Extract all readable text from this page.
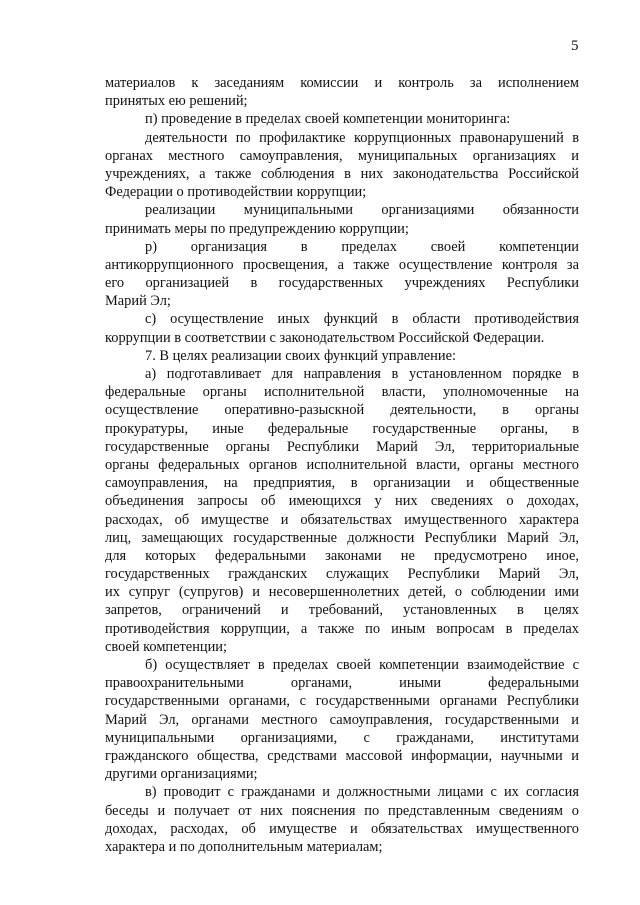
5
материалов к заседаниям комиссии и контроль за исполнением
принятых ею решений;
п) проведение в пределах своей компетенции мониторинга:
деятельности по профилактике коррупционных правонарушений в
органах местного самоуправления, муниципальных организациях и
учреждениях, а также соблюдения в них законодательства Российской
Федерации о противодействии коррупции;
реализации муниципальными организациями обязанности
принимать меры по предупреждению коррупции;
р) организация в пределах своей компетенции
антикоррупционного просвещения, а также осуществление контроля за
его организацией в государственных учреждениях Республики
Марий Эл;
с) осуществление иных функций в области противодействия
коррупции в соответствии с законодательством Российской Федерации.
7. В целях реализации своих функций управление:
а) подготавливает для направления в установленном порядке в
федеральные органы исполнительной власти, уполномоченные на
осуществление оперативно-разыскной деятельности, в органы
прокуратуры, иные федеральные государственные органы, в
государственные органы Республики Марий Эл, территориальные
органы федеральных органов исполнительной власти, органы местного
самоуправления, на предприятия, в организации и общественные
объединения запросы об имеющихся у них сведениях о доходах,
расходах, об имуществе и обязательствах имущественного характера
лиц, замещающих государственные должности Республики Марий Эл,
для которых федеральными законами не предусмотрено иное,
государственных гражданских служащих Республики Марий Эл,
их супруг (супругов) и несовершеннолетних детей, о соблюдении ими
запретов, ограничений и требований, установленных в целях
противодействия коррупции, а также по иным вопросам в пределах
своей компетенции;
б) осуществляет в пределах своей компетенции взаимодействие с
правоохранительными органами, иными федеральными
государственными органами, с государственными органами Республики
Марий Эл, органами местного самоуправления, государственными и
муниципальными организациями, с гражданами, институтами
гражданского общества, средствами массовой информации, научными и
другими организациями;
в) проводит с гражданами и должностными лицами с их согласия
беседы и получает от них пояснения по представленным сведениям о
доходах, расходах, об имуществе и обязательствах имущественного
характера и по дополнительным материалам;
